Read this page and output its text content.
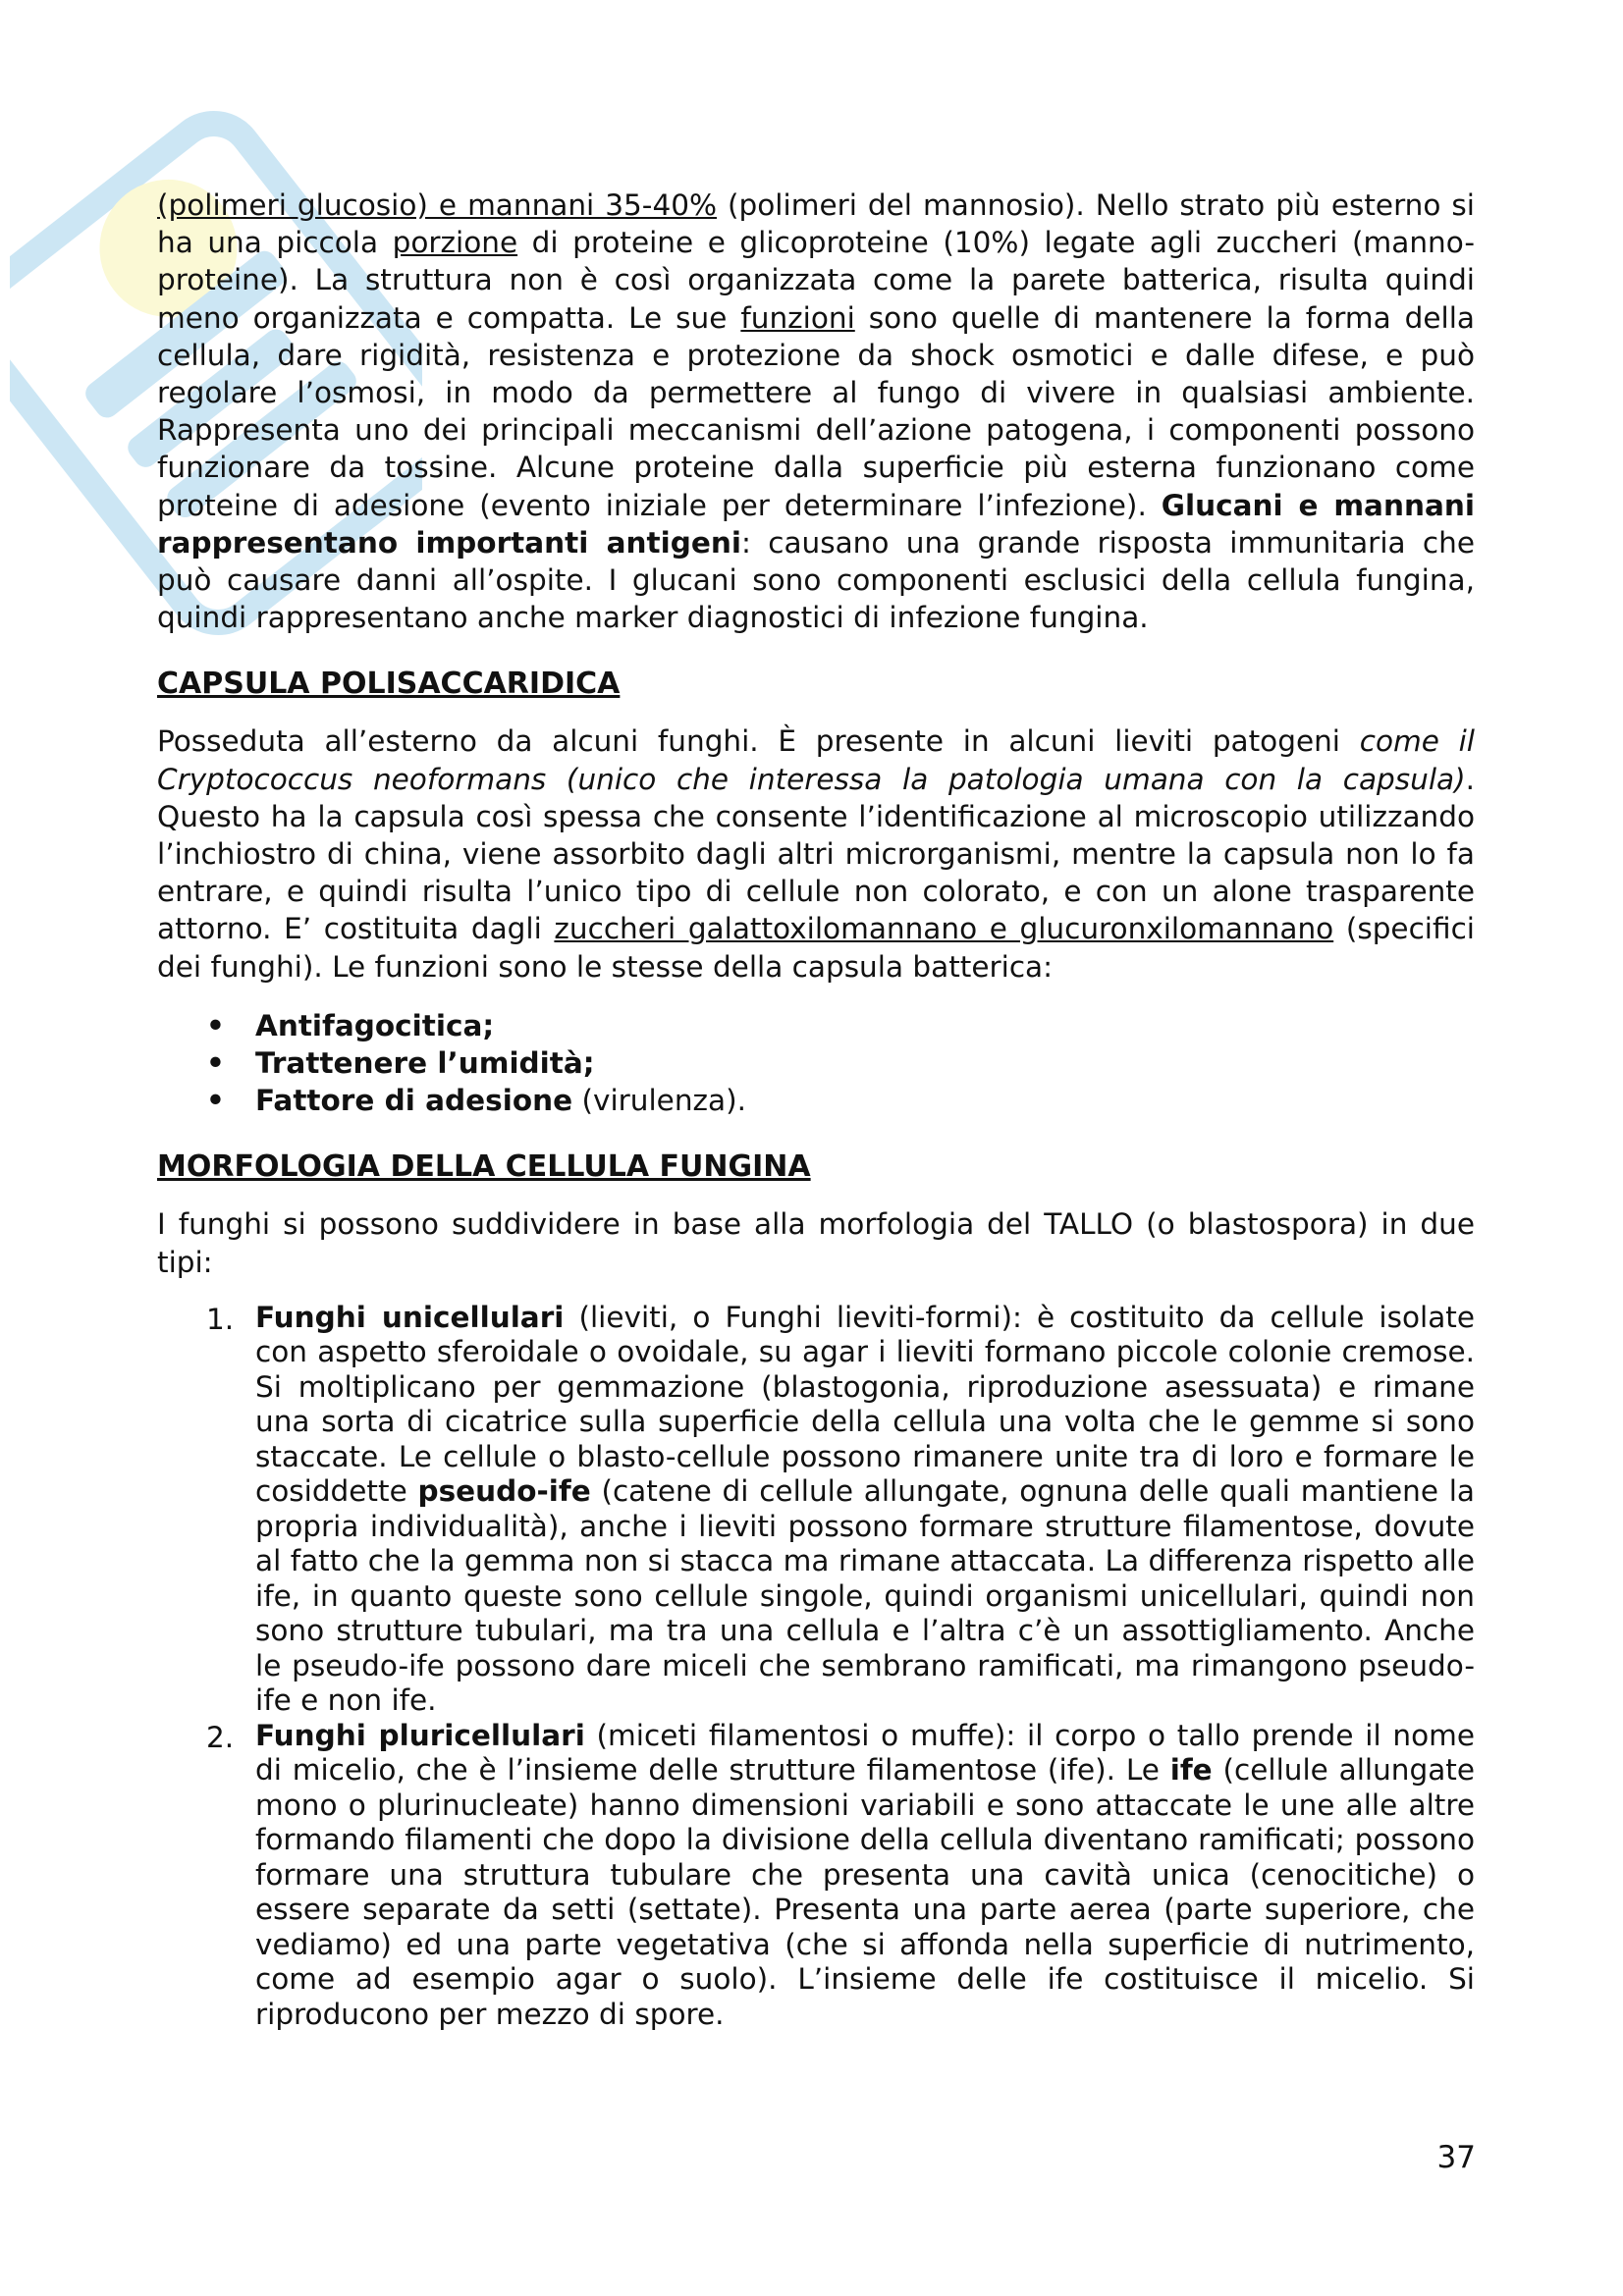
(polimeri glucosio) e mannani 35-40% (polimeri del mannosio). Nello strato più esterno si ha una piccola porzione di proteine e glicoproteine (10%) legate agli zuccheri (manno-proteine). La struttura non è così organizzata come la parete batterica, risulta quindi meno organizzata e compatta. Le sue funzioni sono quelle di mantenere la forma della cellula, dare rigidità, resistenza e protezione da shock osmotici e dalle difese, e può regolare l’osmosi, in modo da permettere al fungo di vivere in qualsiasi ambiente. Rappresenta uno dei principali meccanismi dell’azione patogena, i componenti possono funzionare da tossine. Alcune proteine dalla superficie più esterna funzionano come proteine di adesione (evento iniziale per determinare l’infezione). Glucani e mannani rappresentano importanti antigeni: causano una grande risposta immunitaria che può causare danni all’ospite. I glucani sono componenti esclusici della cellula fungina, quindi rappresentano anche marker diagnostici di infezione fungina.

CAPSULA POLISACCARIDICA

Posseduta all’esterno da alcuni funghi. È presente in alcuni lieviti patogeni come il Cryptococcus neoformans (unico che interessa la patologia umana con la capsula). Questo ha la capsula così spessa che consente l’identificazione al microscopio utilizzando l’inchiostro di china, viene assorbito dagli altri microrganismi, mentre la capsula non lo fa entrare, e quindi risulta l’unico tipo di cellule non colorato, e con un alone trasparente attorno. E’ costituita dagli zuccheri galattoxilomannano e glucuronxilomannano (specifici dei funghi). Le funzioni sono le stesse della capsula batterica:

• Antifagocitica;
• Trattenere l’umidità;
• Fattore di adesione (virulenza).
MORFOLOGIA DELLA CELLULA FUNGINA

I funghi si possono suddividere in base alla morfologia del TALLO (o blastospora) in due tipi:

1. Funghi unicellulari (lieviti, o Funghi lieviti-formi): è costituito da cellule isolate con aspetto sferoidale o ovoidale, su agar i lieviti formano piccole colonie cremose. Si moltiplicano per gemmazione (blastogonia, riproduzione asessuata) e rimane una sorta di cicatrice sulla superficie della cellula una volta che le gemme si sono staccate. Le cellule o blasto-cellule possono rimanere unite tra di loro e formare le cosiddette pseudo-ife (catene di cellule allungate, ognuna delle quali mantiene la propria individualità), anche i lieviti possono formare strutture filamentose, dovute al fatto che la gemma non si stacca ma rimane attaccata. La differenza rispetto alle ife, in quanto queste sono cellule singole, quindi organismi unicellulari, quindi non sono strutture tubulari, ma tra una cellula e l’altra c’è un assottigliamento. Anche le pseudo-ife possono dare miceli che sembrano ramificati, ma rimangono pseudo-ife e non ife.

2. Funghi pluricellulari (miceti filamentosi o muffe): il corpo o tallo prende il nome di micelio, che è l’insieme delle strutture filamentose (ife). Le ife (cellule allungate mono o plurinucleate) hanno dimensioni variabili e sono attaccate le une alle altre formando filamenti che dopo la divisione della cellula diventano ramificati; possono formare una struttura tubulare che presenta una cavità unica (cenocitiche) o essere separate da setti (settate). Presenta una parte aerea (parte superiore, che vediamo) ed una parte vegetativa (che si affonda nella superficie di nutrimento, come ad esempio agar o suolo). L’insieme delle ife costituisce il micelio. Si riproducono per mezzo di spore.

37
